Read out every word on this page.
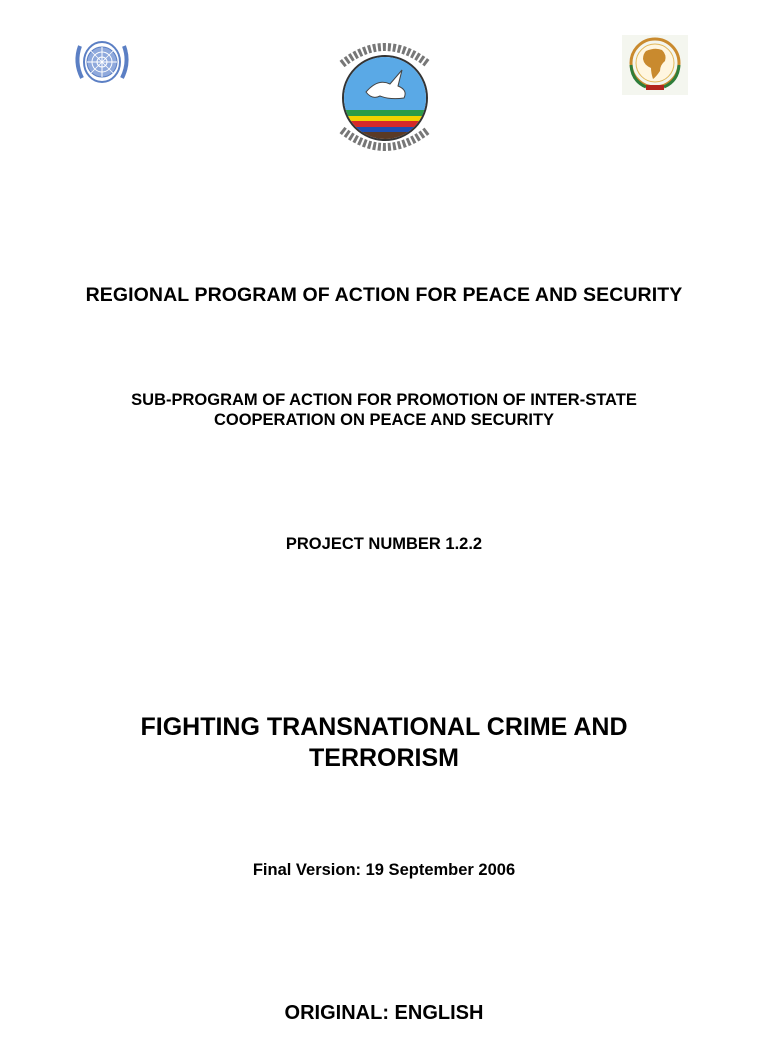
REGIONAL PROGRAM OF ACTION FOR PEACE AND SECURITY
SUB-PROGRAM OF ACTION FOR PROMOTION OF INTER-STATE
COOPERATION ON PEACE AND SECURITY
PROJECT NUMBER 1.2.2
FIGHTING TRANSNATIONAL CRIME AND
TERRORISM
Final Version: 19 September 2006
ORIGINAL: ENGLISH
